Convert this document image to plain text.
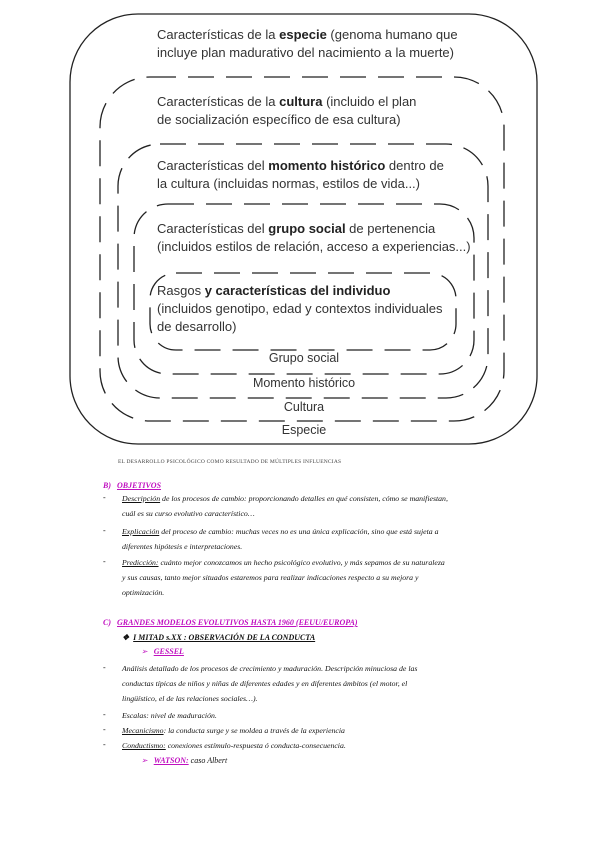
Características de la especie (genoma humano que
incluye plan madurativo del nacimiento a la muerte)
Características de la cultura (incluido el plan
de socialización específico de esa cultura)
Características del momento histórico dentro de
la cultura (incluidas normas, estilos de vida...)
Características del grupo social de pertenencia
(incluidos estilos de relación, acceso a experiencias...)
Rasgos y características del individuo
(incluidos genotipo, edad y contextos individuales
de desarrollo)
Grupo social
Momento histórico
Cultura
Especie
EL DESARROLLO PSICOLÓGICO COMO RESULTADO DE MÚLTIPLES INFLUENCIAS
B) OBJETIVOS
- Descripción de los procesos de cambio: proporcionando detalles en qué consisten, cómo se manifiestan,
cuál es su curso evolutivo característico…
- Explicación del proceso de cambio: muchas veces no es una única explicación, sino que está sujeta a
diferentes hipótesis e interpretaciones.
- Predicción: cuánto mejor conozcamos un hecho psicológico evolutivo, y más sepamos de su naturaleza
y sus causas, tanto mejor situados estaremos para realizar indicaciones respecto a su mejora y
optimización.
C) GRANDES MODELOS EVOLUTIVOS HASTA 1960 (EEUU/EUROPA)
❖ I MITAD s.XX : OBSERVACIÓN DE LA CONDUCTA
➢ GESSEL
- Análisis detallado de los procesos de crecimiento y maduración. Descripción minuciosa de las
conductas típicas de niños y niñas de diferentes edades y en diferentes ámbitos (el motor, el
lingüístico, el de las relaciones sociales…).
- Escalas: nivel de maduración.
- Mecanicismo: la conducta surge y se moldea a través de la experiencia
- Conductismo: conexiones estímulo-respuesta ó conducta-consecuencia.
➢ WATSON: caso Albert
